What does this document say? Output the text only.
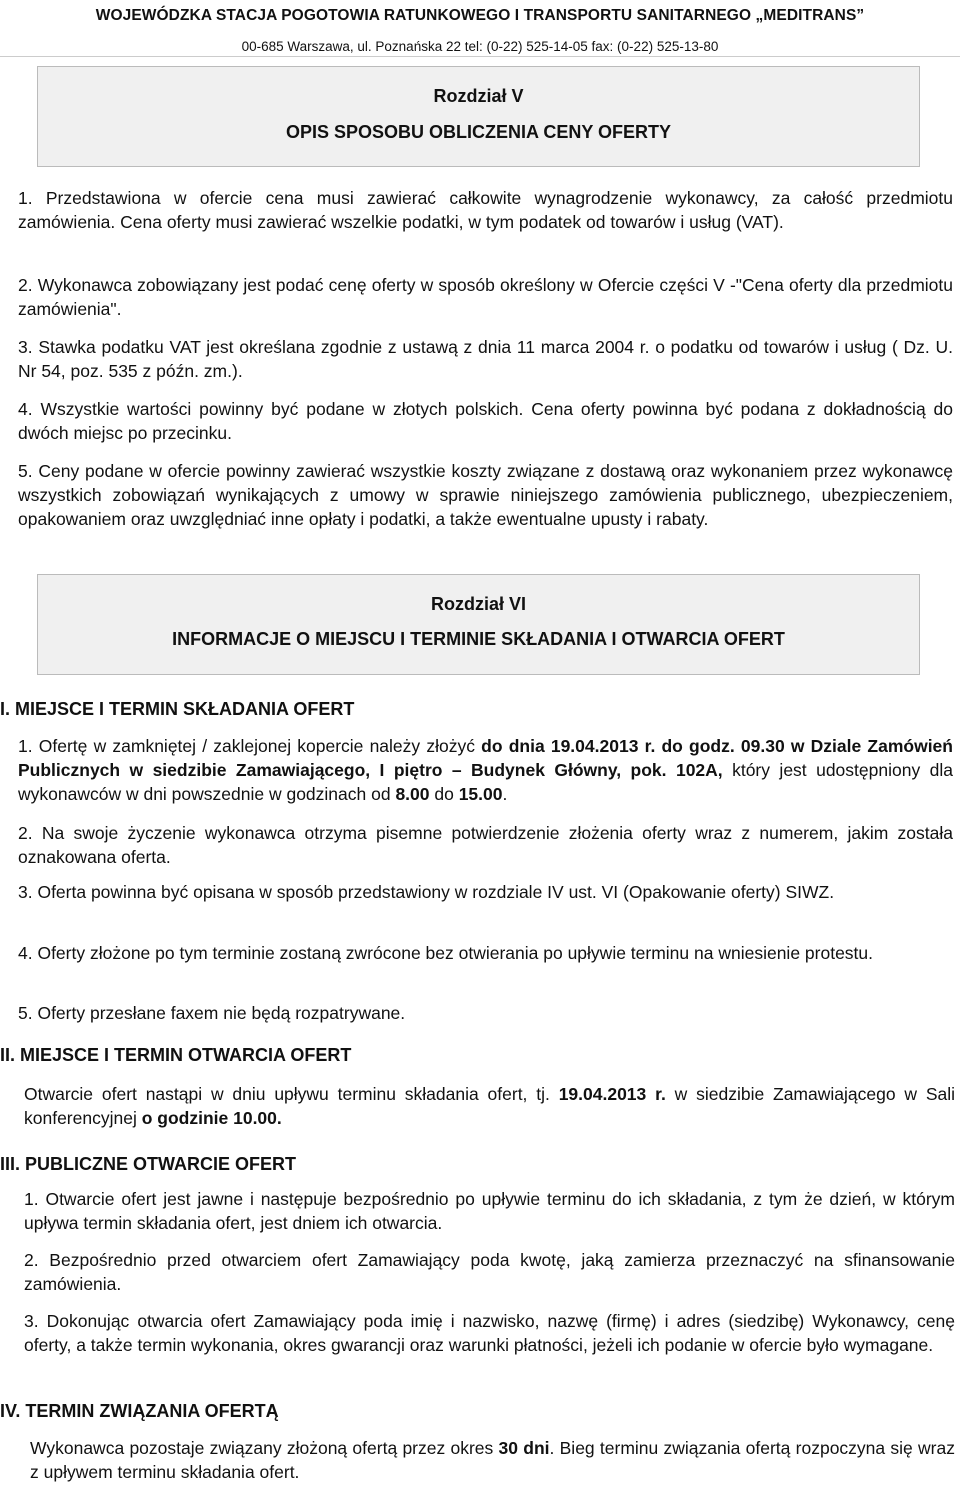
WOJEWÓDZKA STACJA POGOTOWIA RATUNKOWEGO I TRANSPORTU SANITARNEGO „MEDITRANS”
00-685 Warszawa, ul. Poznańska 22 tel: (0-22) 525-14-05 fax: (0-22) 525-13-80
Rozdział V
OPIS SPOSOBU OBLICZENIA CENY OFERTY
1. Przedstawiona w ofercie cena musi zawierać całkowite wynagrodzenie wykonawcy, za całość przedmiotu zamówienia. Cena oferty musi zawierać wszelkie podatki, w tym podatek od towarów i usług (VAT).
2. Wykonawca zobowiązany jest podać cenę oferty w sposób określony w Ofercie części V -"Cena oferty dla przedmiotu zamówienia".
3. Stawka podatku VAT jest określana zgodnie z ustawą z dnia 11 marca 2004 r. o podatku od towarów i usług ( Dz. U. Nr 54, poz. 535 z późn. zm.).
4. Wszystkie wartości powinny być podane w złotych polskich. Cena oferty powinna być podana z dokładnością do dwóch miejsc po przecinku.
5. Ceny podane w ofercie powinny zawierać wszystkie koszty związane z dostawą oraz wykonaniem przez wykonawcę wszystkich zobowiązań wynikających z umowy w sprawie niniejszego zamówienia publicznego, ubezpieczeniem, opakowaniem oraz uwzględniać inne opłaty i podatki, a także ewentualne upusty i rabaty.
Rozdział VI
INFORMACJE O MIEJSCU I TERMINIE SKŁADANIA I OTWARCIA OFERT
I. MIEJSCE I TERMIN SKŁADANIA OFERT
1. Ofertę w zamkniętej / zaklejonej kopercie należy złożyć do dnia 19.04.2013 r. do godz. 09.30 w Dziale Zamówień Publicznych w siedzibie Zamawiającego, I piętro – Budynek Główny, pok. 102A, który jest udostępniony dla wykonawców w dni powszednie w godzinach od 8.00 do 15.00.
2. Na swoje życzenie wykonawca otrzyma pisemne potwierdzenie złożenia oferty wraz z numerem, jakim została oznakowana oferta.
3. Oferta powinna być opisana w sposób przedstawiony w rozdziale IV ust. VI (Opakowanie oferty) SIWZ.
4. Oferty złożone po tym terminie zostaną zwrócone bez otwierania po upływie terminu na wniesienie protestu.
5. Oferty przesłane faxem nie będą rozpatrywane.
II. MIEJSCE I TERMIN OTWARCIA OFERT
Otwarcie ofert nastąpi w dniu upływu terminu składania ofert, tj. 19.04.2013 r. w siedzibie Zamawiającego w Sali konferencyjnej o godzinie 10.00.
III. PUBLICZNE OTWARCIE OFERT
1. Otwarcie ofert jest jawne i następuje bezpośrednio po upływie terminu do ich składania, z tym że dzień, w którym upływa termin składania ofert, jest dniem ich otwarcia.
2. Bezpośrednio przed otwarciem ofert Zamawiający poda kwotę, jaką zamierza przeznaczyć na sfinansowanie zamówienia.
3. Dokonując otwarcia ofert Zamawiający poda imię i nazwisko, nazwę (firmę) i adres (siedzibę) Wykonawcy, cenę oferty, a także termin wykonania, okres gwarancji oraz warunki płatności, jeżeli ich podanie w ofercie było wymagane.
IV. TERMIN ZWIĄZANIA OFERTĄ
Wykonawca pozostaje związany złożoną ofertą przez okres 30 dni. Bieg terminu związania ofertą rozpoczyna się wraz z upływem terminu składania ofert.
